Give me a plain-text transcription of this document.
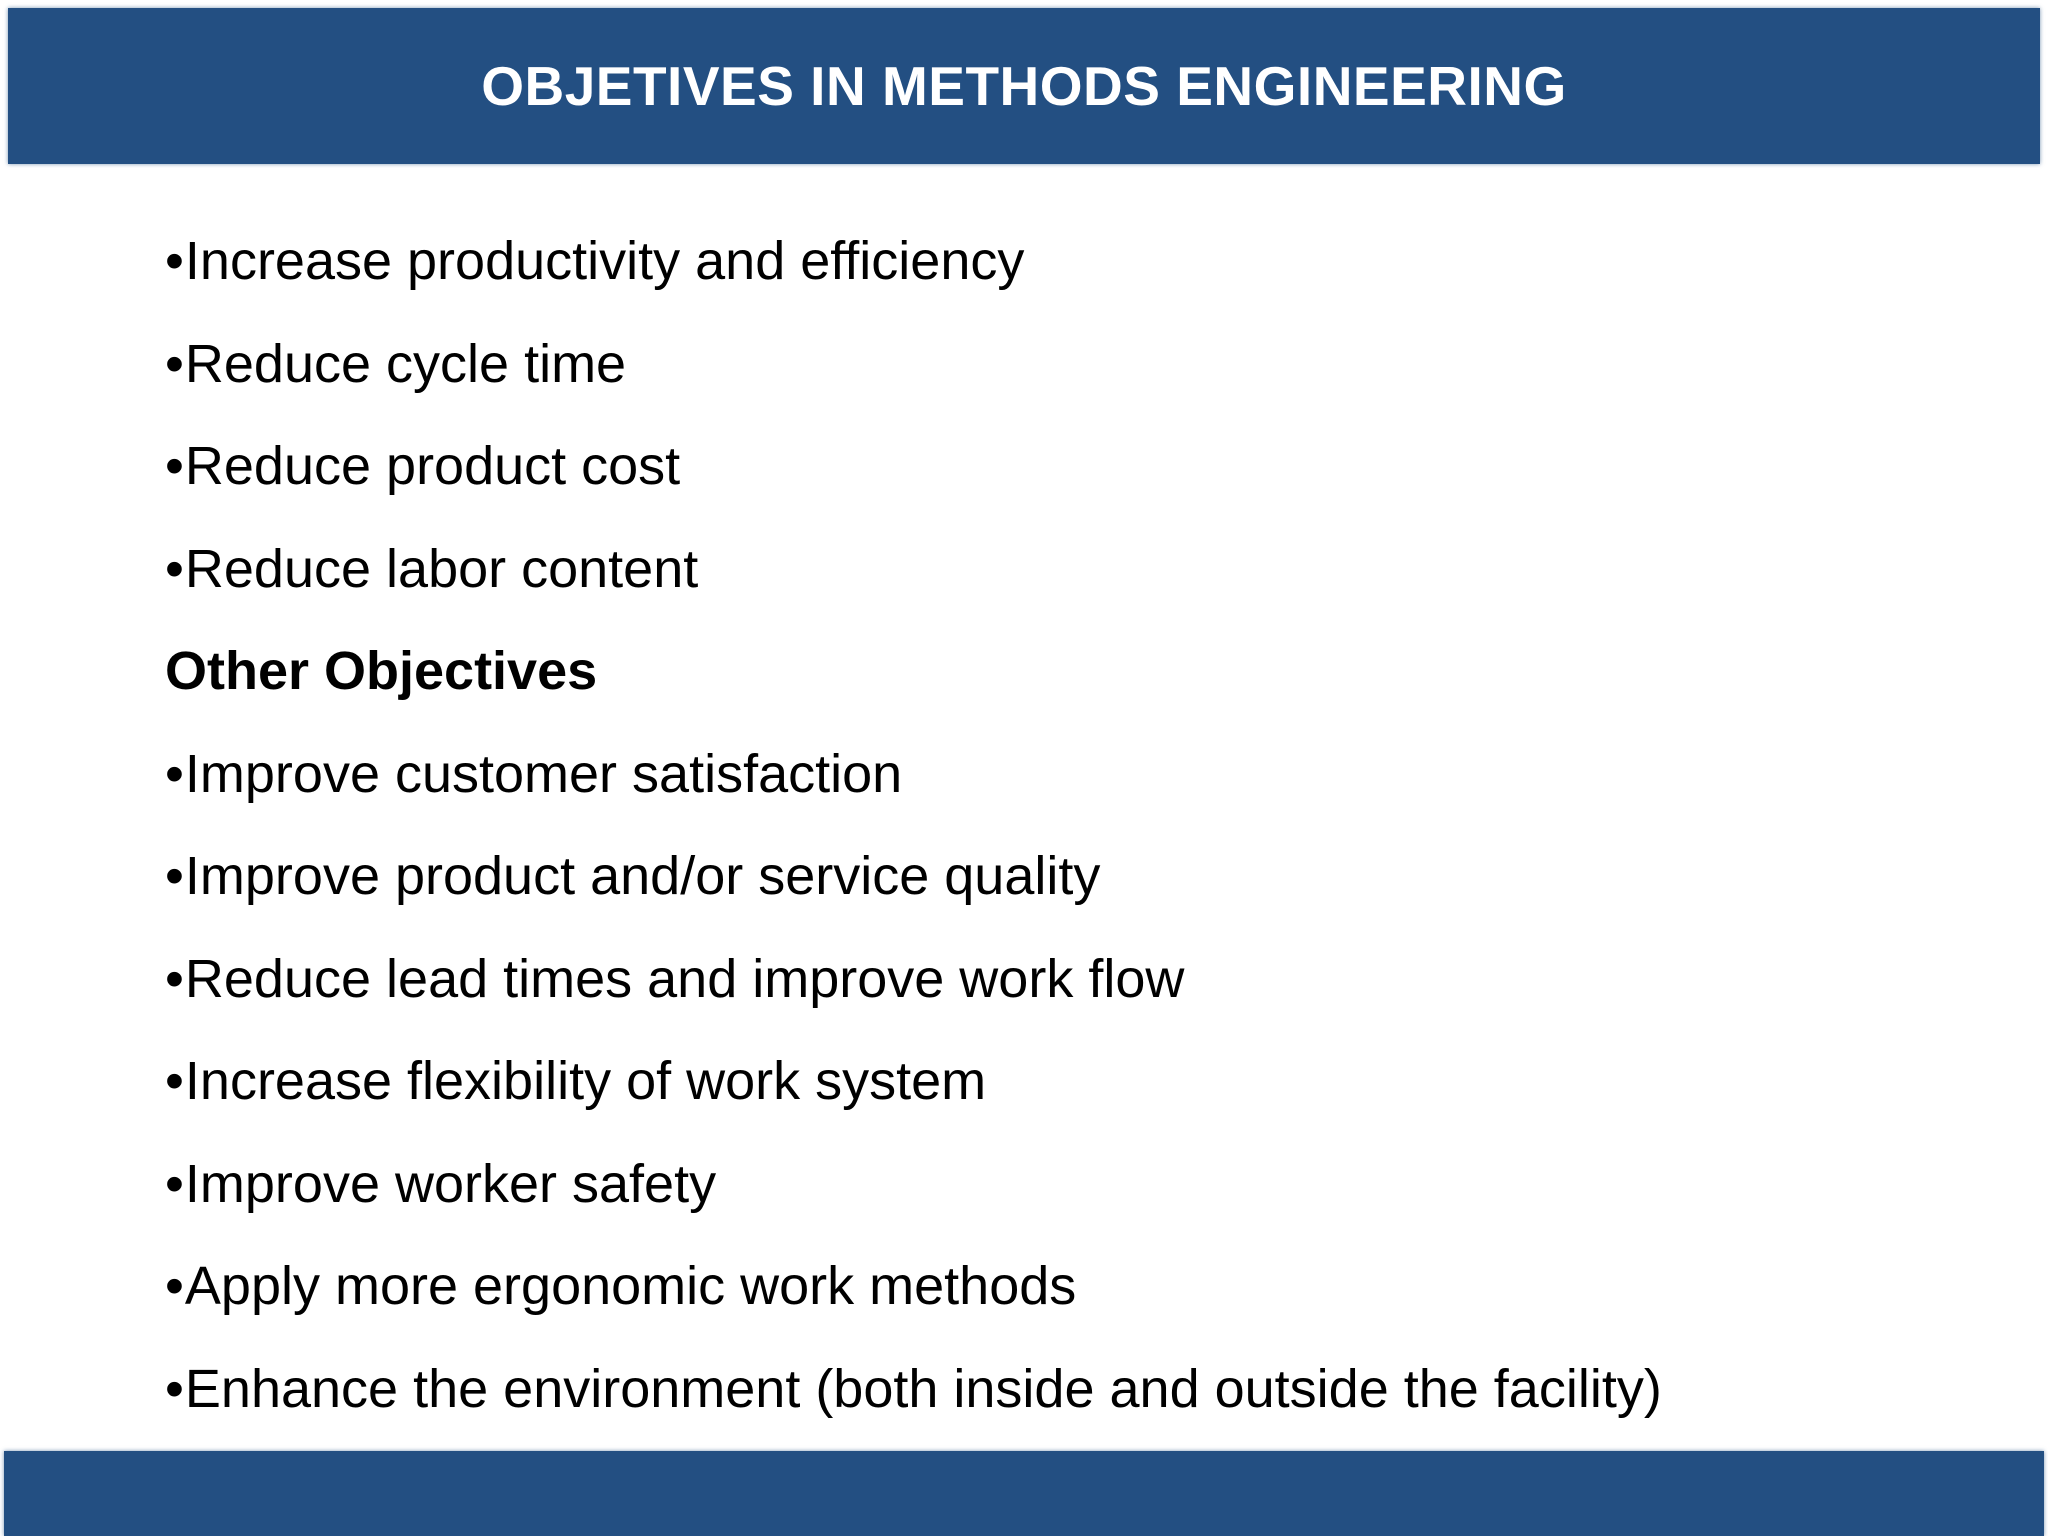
OBJETIVES IN METHODS ENGINEERING
• Increase productivity and efficiency
• Reduce cycle time
• Reduce product cost
• Reduce labor content
Other Objectives
• Improve customer satisfaction
• Improve product and/or service quality
• Reduce lead times and improve work flow
• Increase flexibility of work system
• Improve worker safety
• Apply more ergonomic work methods
• Enhance the environment (both inside and outside the facility)
